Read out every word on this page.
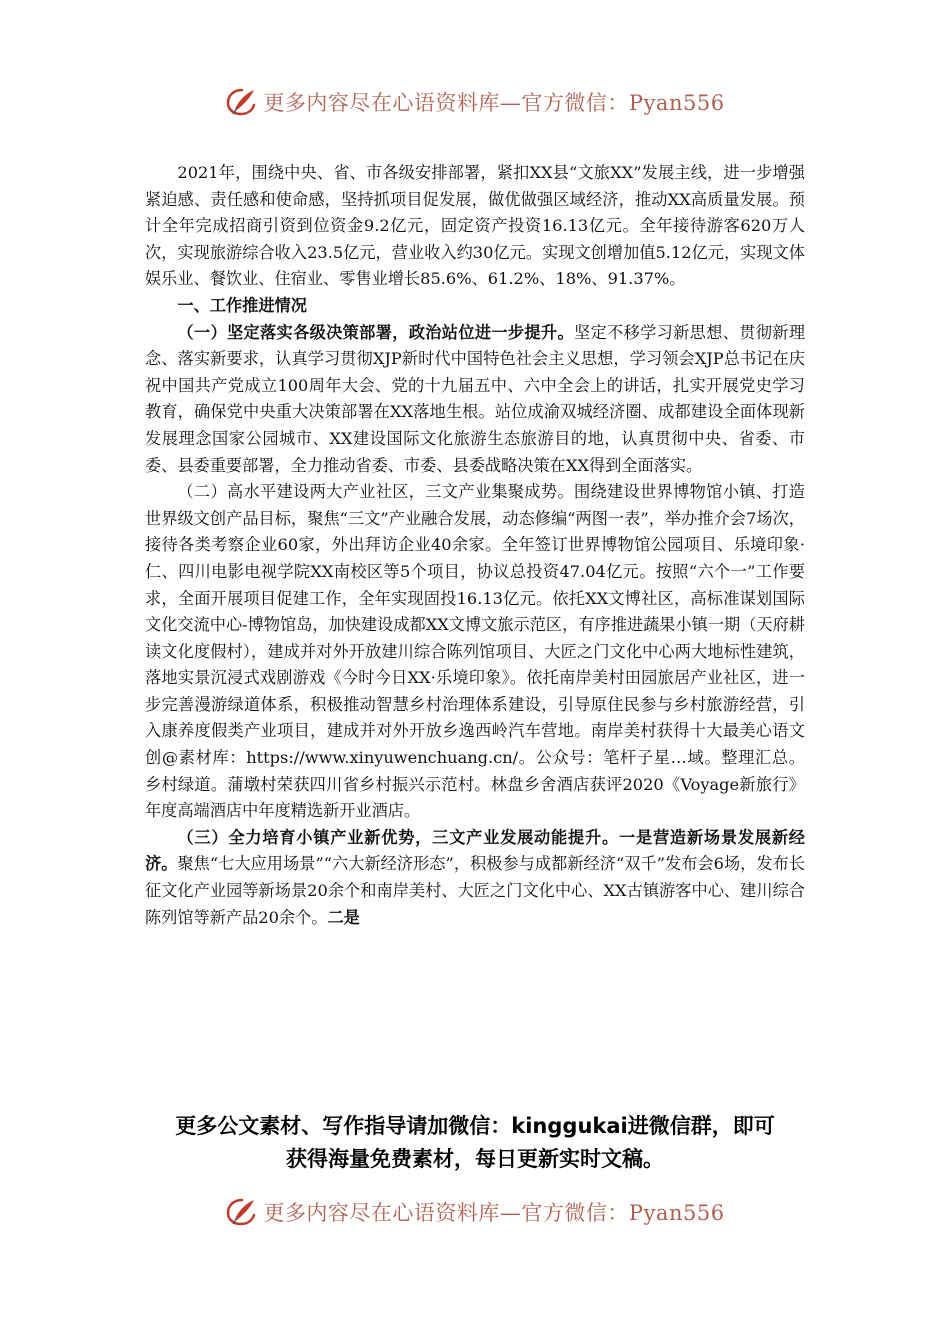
更多内容尽在心语资料库—官方微信：Pyan556

2021年，围绕中央、省、市各级安排部署，紧扣XX县“文旅XX”发展主线，进一步增强紧迫感、责任感和使命感，坚持抓项目促发展，做优做强区域经济，推动XX高质量发展。预计全年完成招商引资到位资金9.2亿元，固定资产投资16.13亿元。全年接待游客620万人次，实现旅游综合收入23.5亿元，营业收入约30亿元。实现文创增加值5.12亿元，实现文体娱乐业、餐饮业、住宿业、零售业增长85.6%、61.2%、18%、91.37%。

一、工作推进情况

（一）坚定落实各级决策部署，政治站位进一步提升。坚定不移学习新思想、贯彻新理念、落实新要求，认真学习贯彻XJP新时代中国特色社会主义思想，学习领会XJP总书记在庆祝中国共产党成立100周年大会、党的十九届五中、六中全会上的讲话，扎实开展党史学习教育，确保党中央重大决策部署在XX落地生根。站位成渝双城经济圈、成都建设全面体现新发展理念国家公园城市、XX建设国际文化旅游生态旅游目的地，认真贯彻中央、省委、市委、县委重要部署，全力推动省委、市委、县委战略决策在XX得到全面落实。

（二）高水平建设两大产业社区，三文产业集聚成势。围绕建设世界博物馆小镇、打造世界级文创产品目标，聚焦“三文”产业融合发展，动态修编“两图一表”，举办推介会7场次，接待各类考察企业60家，外出拜访企业40余家。全年签订世界博物馆公园项目、乐境印象·仁、四川电影电视学院XX南校区等5个项目，协议总投资47.04亿元。按照“六个一”工作要求，全面开展项目促建工作，全年实现固投16.13亿元。依托XX文博社区，高标准谋划国际文化交流中心-博物馆岛，加快建设成都XX文博文旅示范区，有序推进蔬果小镇一期（天府耕读文化度假村），建成并对外开放建川综合陈列馆项目、大匠之门文化中心两大地标性建筑，落地实景沉浸式戏剧游戏《今时今日XX·乐境印象》。依托南岸美村田园旅居产业社区，进一步完善漫游绿道体系，积极推动智慧乡村治理体系建设，引导原住民参与乡村旅游经营，引入康养度假类产业项目，建成并对外开放乡逸西岭汽车营地。南岸美村获得十大最美心语文创@素材库：https://www.xinyuwenchuang.cn/。公众号：笔杆子星…域。整理汇总。乡村绿道。蒲墩村荣获四川省乡村振兴示范村。林盘乡舍酒店获评2020《Voyage新旅行》年度高端酒店中年度精选新开业酒店。

（三）全力培育小镇产业新优势，三文产业发展动能提升。一是营造新场景发展新经济。聚焦“七大应用场景”“六大新经济形态”，积极参与成都新经济“双千”发布会6场，发布长征文化产业园等新场景20余个和南岸美村、大匠之门文化中心、XX古镇游客中心、建川综合陈列馆等新产品20余个。二是

更多公文素材、写作指导请加微信：kinggukai进微信群，即可
获得海量免费素材，每日更新实时文稿。
更多内容尽在心语资料库—官方微信：Pyan556
